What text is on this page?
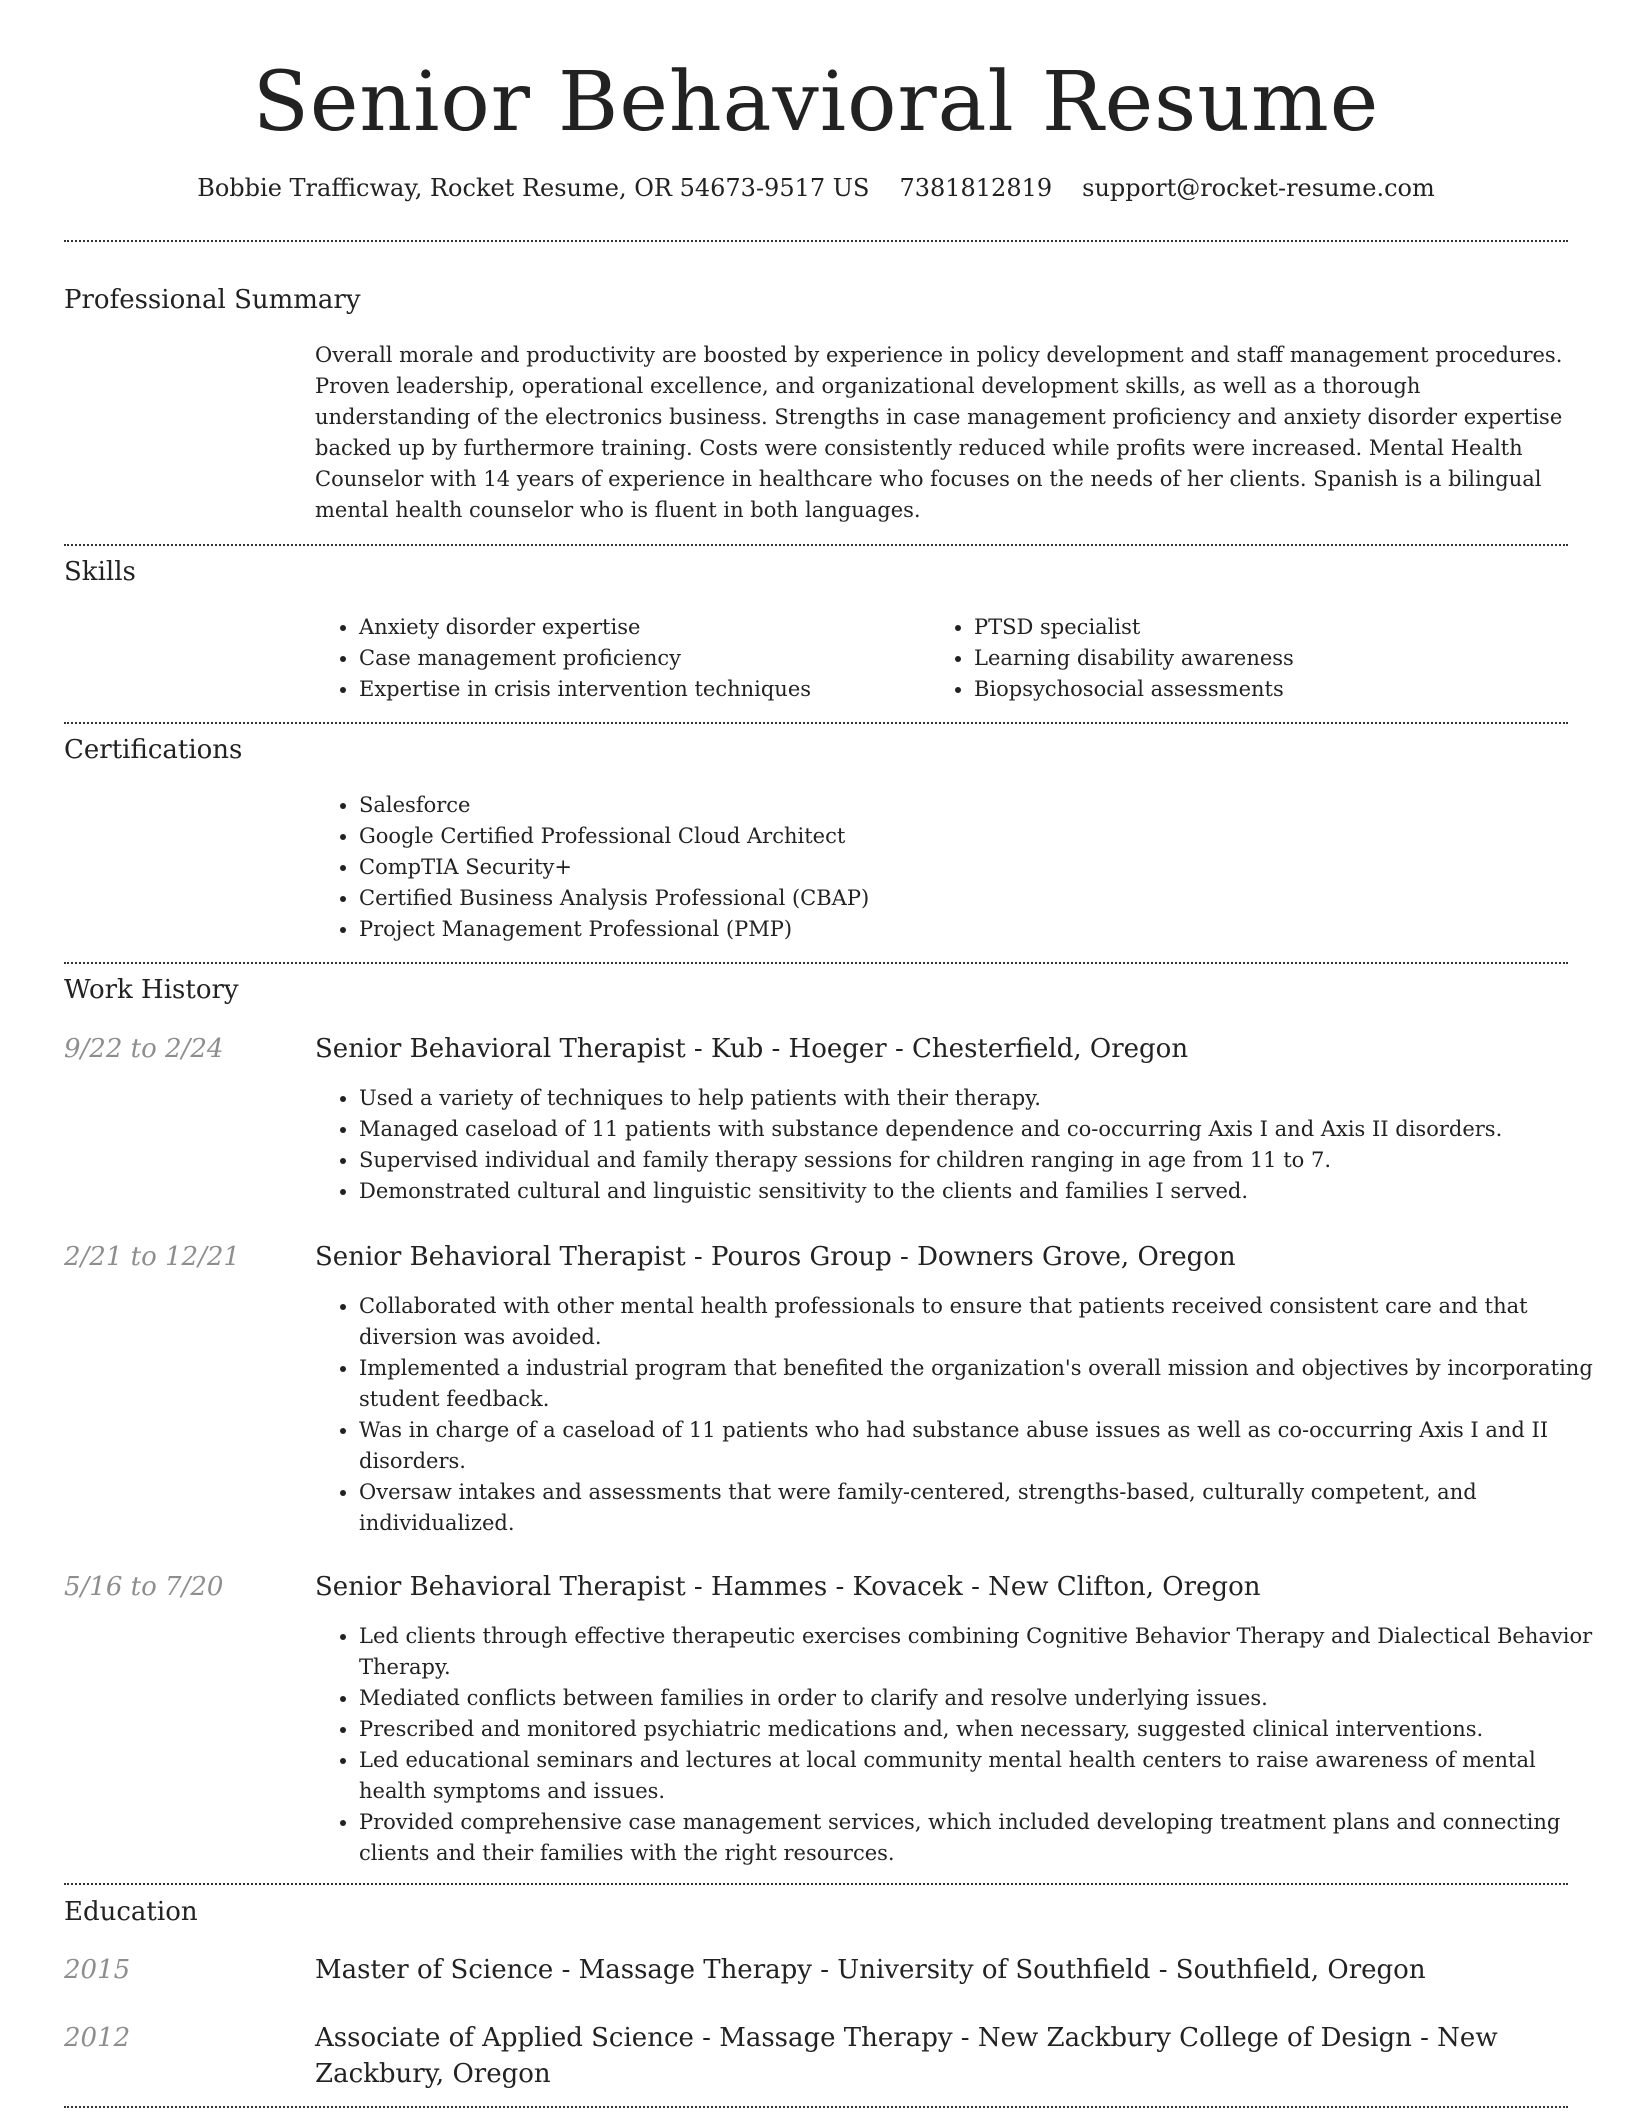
Senior Behavioral Resume
Bobbie Trafficway, Rocket Resume, OR 54673-9517 US 7381812819 support@rocket-resume.com
Professional Summary

Overall morale and productivity are boosted by experience in policy development and staff management procedures. Proven leadership, operational excellence, and organizational development skills, as well as a thorough understanding of the electronics business. Strengths in case management proficiency and anxiety disorder expertise backed up by furthermore training. Costs were consistently reduced while profits were increased. Mental Health Counselor with 14 years of experience in healthcare who focuses on the needs of her clients. Spanish is a bilingual mental health counselor who is fluent in both languages.

Skills
• Anxiety disorder expertise
• Case management proficiency
• Expertise in crisis intervention techniques
• PTSD specialist
• Learning disability awareness
• Biopsychosocial assessments
Certifications
• Salesforce
• Google Certified Professional Cloud Architect
• CompTIA Security+
• Certified Business Analysis Professional (CBAP)
• Project Management Professional (PMP)
Work History
9/22 to 2/24	Senior Behavioral Therapist - Kub - Hoeger - Chesterfield, Oregon
• Used a variety of techniques to help patients with their therapy.
• Managed caseload of 11 patients with substance dependence and co-occurring Axis I and Axis II disorders.
• Supervised individual and family therapy sessions for children ranging in age from 11 to 7.
• Demonstrated cultural and linguistic sensitivity to the clients and families I served.
2/21 to 12/21	Senior Behavioral Therapist - Pouros Group - Downers Grove, Oregon
• Collaborated with other mental health professionals to ensure that patients received consistent care and that diversion was avoided.
• Implemented a industrial program that benefited the organization's overall mission and objectives by incorporating student feedback.
• Was in charge of a caseload of 11 patients who had substance abuse issues as well as co-occurring Axis I and II disorders.
• Oversaw intakes and assessments that were family-centered, strengths-based, culturally competent, and individualized.
5/16 to 7/20	Senior Behavioral Therapist - Hammes - Kovacek - New Clifton, Oregon
• Led clients through effective therapeutic exercises combining Cognitive Behavior Therapy and Dialectical Behavior Therapy.
• Mediated conflicts between families in order to clarify and resolve underlying issues.
• Prescribed and monitored psychiatric medications and, when necessary, suggested clinical interventions.
• Led educational seminars and lectures at local community mental health centers to raise awareness of mental health symptoms and issues.
• Provided comprehensive case management services, which included developing treatment plans and connecting clients and their families with the right resources.
Education
2015	Master of Science - Massage Therapy - University of Southfield - Southfield, Oregon
2012	Associate of Applied Science - Massage Therapy - New Zackbury College of Design - New Zackbury, Oregon
